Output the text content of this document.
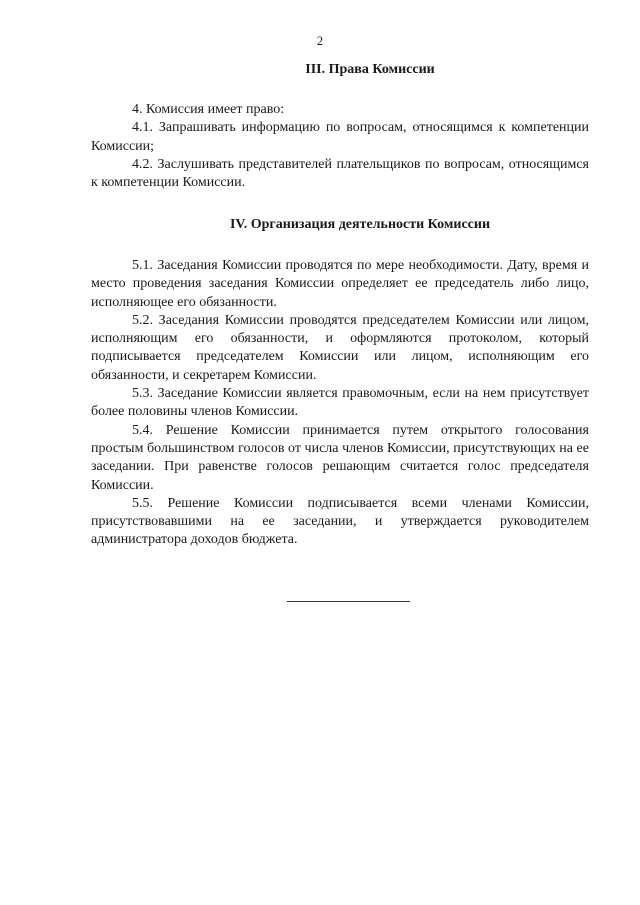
2
III. Права Комиссии

4. Комиссия имеет право:

4.1. Запрашивать информацию по вопросам, относящимся к компетенции Комиссии;

4.2. Заслушивать представителей плательщиков по вопросам, относящимся к компетенции Комиссии.

IV. Организация деятельности Комиссии

5.1. Заседания Комиссии проводятся по мере необходимости. Дату, время и место проведения заседания Комиссии определяет ее председатель либо лицо, исполняющее его обязанности.

5.2. Заседания Комиссии проводятся председателем Комиссии или лицом, исполняющим его обязанности, и оформляются протоколом, который подписывается председателем Комиссии или лицом, исполняющим его обязанности, и секретарем Комиссии.

5.3. Заседание Комиссии является правомочным, если на нем присутствует более половины членов Комиссии.

5.4. Решение Комиссии принимается путем открытого голосования простым большинством голосов от числа членов Комиссии, присутствующих на ее заседании. При равенстве голосов решающим считается голос председателя Комиссии.

5.5. Решение Комиссии подписывается всеми членами Комиссии, присутствовавшими на ее заседании, и утверждается руководителем администратора доходов бюджета.
